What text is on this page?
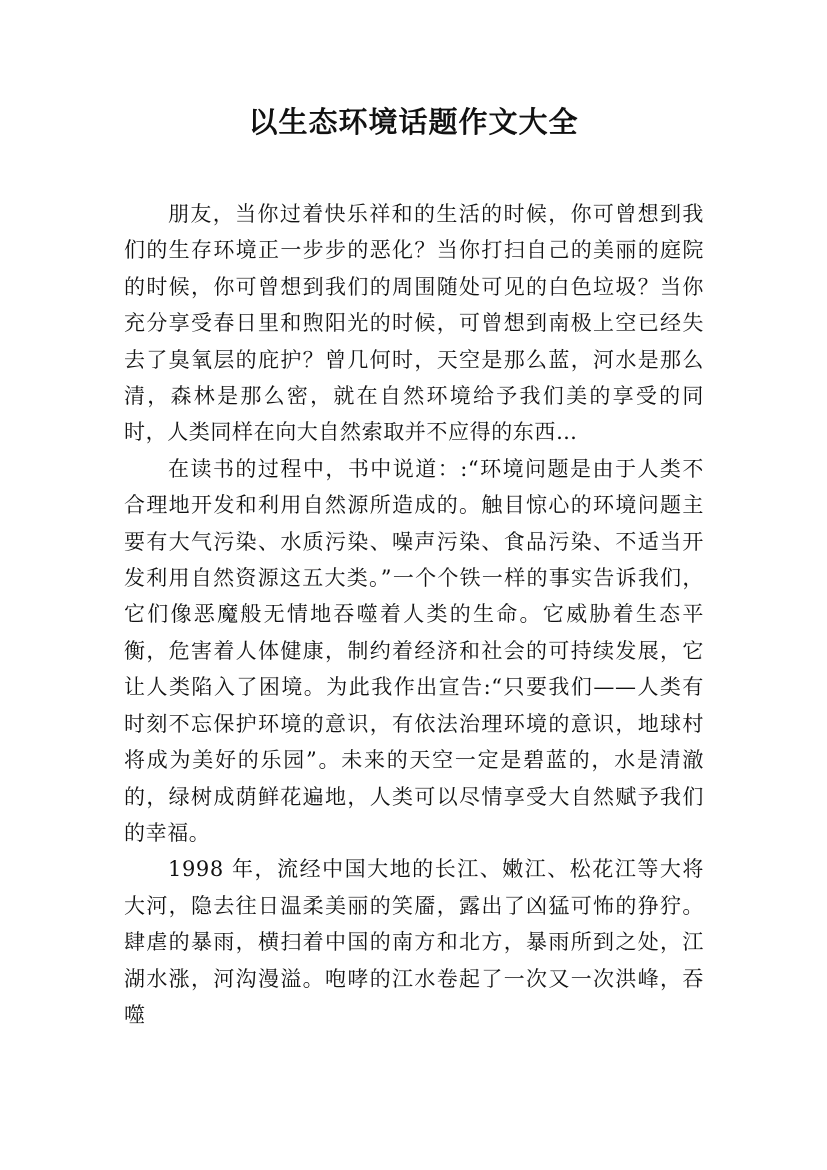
以生态环境话题作文大全

朋友，当你过着快乐祥和的生活的时候，你可曾想到我们的生存环境正一步步的恶化？当你打扫自己的美丽的庭院的时候，你可曾想到我们的周围随处可见的白色垃圾？当你充分享受春日里和煦阳光的时候，可曾想到南极上空已经失去了臭氧层的庇护？曾几何时，天空是那么蓝，河水是那么清，森林是那么密，就在自然环境给予我们美的享受的同时，人类同样在向大自然索取并不应得的东西…

在读书的过程中，书中说道：:“环境问题是由于人类不合理地开发和利用自然源所造成的。触目惊心的环境问题主要有大气污染、水质污染、噪声污染、食品污染、不适当开发利用自然资源这五大类。”一个个铁一样的事实告诉我们，它们像恶魔般无情地吞噬着人类的生命。它威胁着生态平衡，危害着人体健康，制约着经济和社会的可持续发展，它让人类陷入了困境。为此我作出宣告:“只要我们——人类有时刻不忘保护环境的意识，有依法治理环境的意识，地球村将成为美好的乐园”。未来的天空一定是碧蓝的，水是清澈的，绿树成荫鲜花遍地，人类可以尽情享受大自然赋予我们的幸福。

1998 年，流经中国大地的长江、嫩江、松花江等大将大河，隐去往日温柔美丽的笑靥，露出了凶猛可怖的狰狞。肆虐的暴雨，横扫着中国的南方和北方，暴雨所到之处，江湖水涨，河沟漫溢。咆哮的江水卷起了一次又一次洪峰，吞噬
